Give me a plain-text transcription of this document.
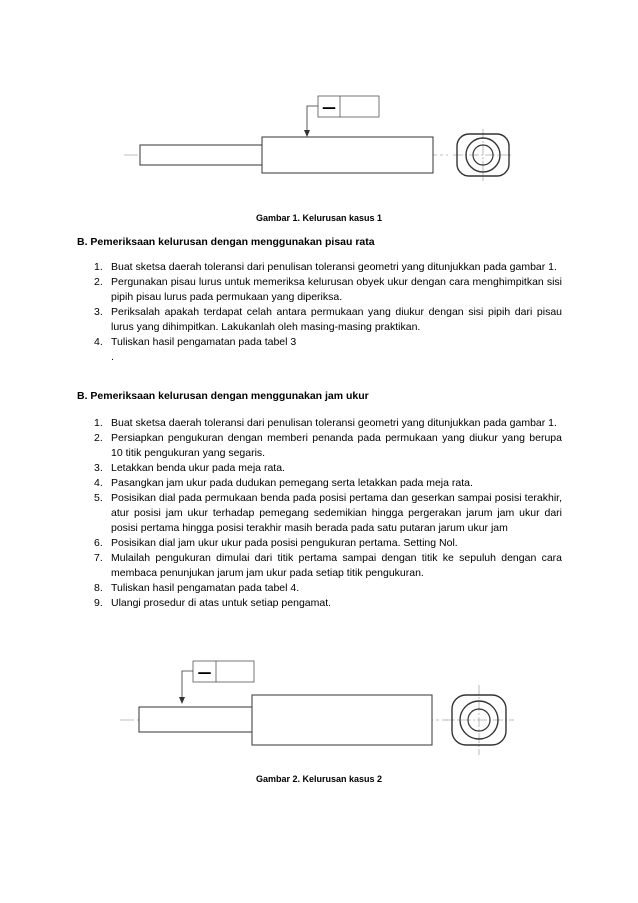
—
Gambar 1. Kelurusan kasus 1
B. Pemeriksaan kelurusan dengan menggunakan pisau rata
1. Buat sketsa daerah toleransi dari penulisan toleransi geometri yang ditunjukkan pada gambar 1.
2. Pergunakan pisau lurus untuk memeriksa kelurusan obyek ukur dengan cara menghimpitkan sisi pipih pisau lurus pada permukaan yang diperiksa.
3. Periksalah apakah terdapat celah antara permukaan yang diukur dengan sisi pipih dari pisau lurus yang dihimpitkan. Lakukanlah oleh masing-masing praktikan.
4. Tuliskan hasil pengamatan pada tabel 3
.
B. Pemeriksaan kelurusan dengan menggunakan jam ukur
1. Buat sketsa daerah toleransi dari penulisan toleransi geometri yang ditunjukkan pada gambar 1.
2. Persiapkan pengukuran dengan memberi penanda pada permukaan yang diukur yang berupa 10 titik pengukuran yang segaris.
3. Letakkan benda ukur pada meja rata.
4. Pasangkan jam ukur pada dudukan pemegang serta letakkan pada meja rata.
5. Posisikan dial pada permukaan benda pada posisi pertama dan geserkan sampai posisi terakhir, atur posisi jam ukur terhadap pemegang sedemikian hingga pergerakan jarum jam ukur dari posisi pertama hingga posisi terakhir masih berada pada satu putaran jarum ukur jam
6. Posisikan dial jam ukur ukur pada posisi pengukuran pertama. Setting Nol.
7. Mulailah pengukuran dimulai dari titik pertama sampai dengan titik ke sepuluh dengan cara membaca penunjukan jarum jam ukur pada setiap titik pengukuran.
8. Tuliskan hasil pengamatan pada tabel 4.
9. Ulangi prosedur di atas untuk setiap pengamat.
—
Gambar 2. Kelurusan kasus 2
